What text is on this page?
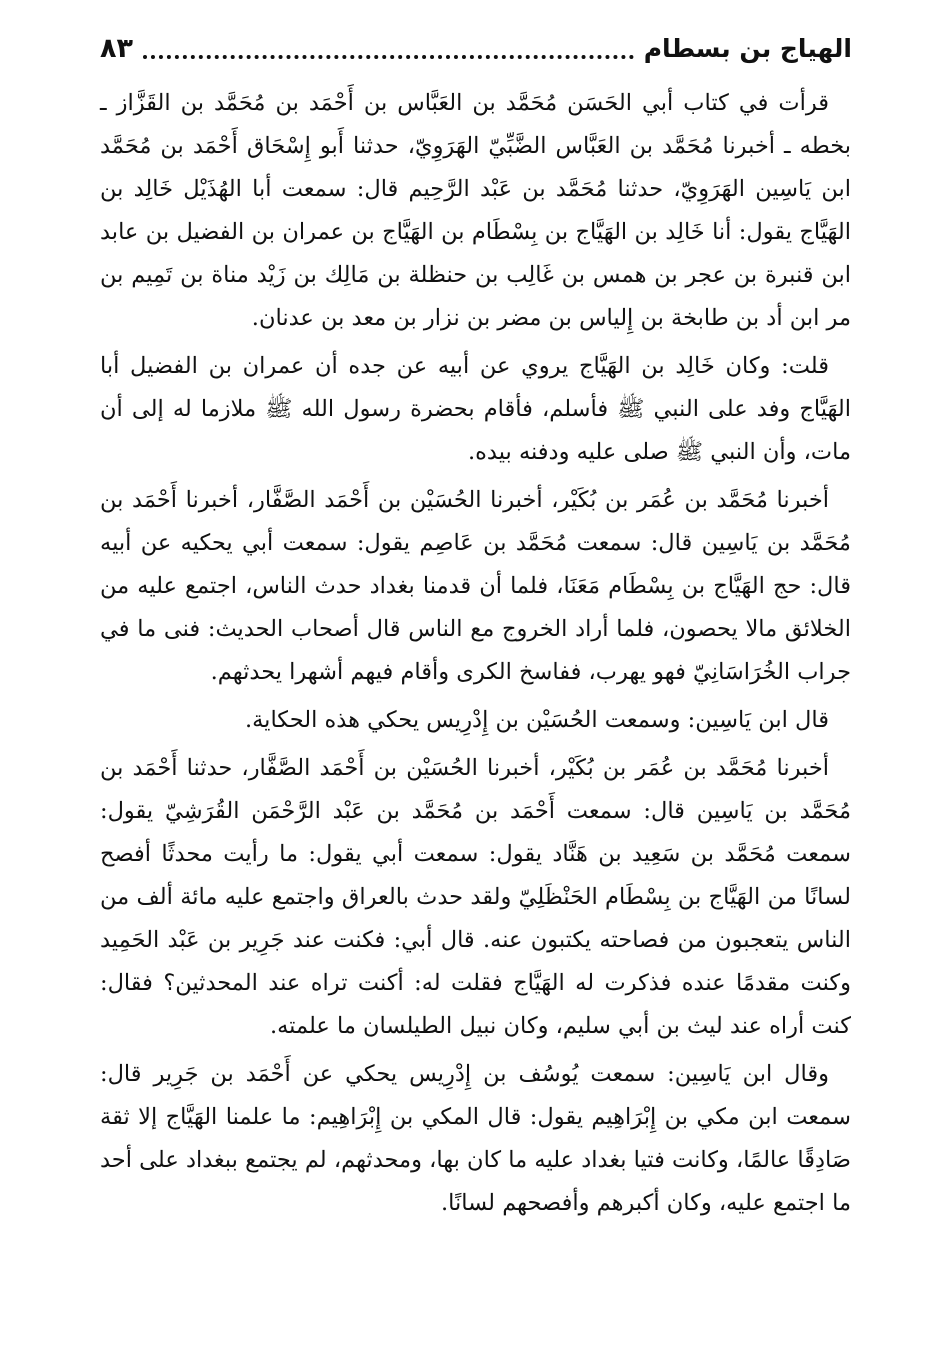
الهياج بن بسطام
٨٣

قرأت في كتاب أبي الحَسَن مُحَمَّد بن العَبَّاس بن أَحْمَد بن مُحَمَّد بن القَزَّاز ـ بخطه ـ أخبرنا مُحَمَّد بن العَبَّاس الضَّبِّيّ الهَرَوِيّ، حدثنا أَبو إِسْحَاق أَحْمَد بن مُحَمَّد ابن يَاسِين الهَرَوِيّ، حدثنا مُحَمَّد بن عَبْد الرَّحِيم قال: سمعت أبا الهُذَيْل خَالِد بن الهَيَّاج يقول: أنا خَالِد بن الهَيَّاج بن بِسْطَام بن الهَيَّاج بن عمران بن الفضيل بن عابد ابن قنبرة بن عجر بن همس بن غَالِب بن حنظلة بن مَالِك بن زَيْد مناة بن تَمِيم بن مر ابن أد بن طابخة بن إِلياس بن مضر بن نزار بن معد بن عدنان.

قلت: وكان خَالِد بن الهَيَّاج يروي عن أبيه عن جده أن عمران بن الفضيل أبا الهَيَّاج وفد على النبي ﷺ فأسلم، فأقام بحضرة رسول الله ﷺ ملازما له إلى أن مات، وأن النبي ﷺ صلى عليه ودفنه بيده.

أخبرنا مُحَمَّد بن عُمَر بن بُكَيْر، أخبرنا الحُسَيْن بن أَحْمَد الصَّفَّار، أخبرنا أَحْمَد بن مُحَمَّد بن يَاسِين قال: سمعت مُحَمَّد بن عَاصِم يقول: سمعت أبي يحكيه عن أبيه قال: حج الهَيَّاج بن بِسْطَام مَعَنَا، فلما أن قدمنا بغداد حدث الناس، اجتمع عليه من الخلائق مالا يحصون، فلما أراد الخروج مع الناس قال أصحاب الحديث: فنى ما في جراب الخُرَاسَانِيّ فهو يهرب، ففاسخ الكرى وأقام فيهم أشهرا يحدثهم.

قال ابن يَاسِين: وسمعت الحُسَيْن بن إِدْرِيس يحكي هذه الحكاية.

أخبرنا مُحَمَّد بن عُمَر بن بُكَيْر، أخبرنا الحُسَيْن بن أَحْمَد الصَّفَّار، حدثنا أَحْمَد بن مُحَمَّد بن يَاسِين قال: سمعت أَحْمَد بن مُحَمَّد بن عَبْد الرَّحْمَن القُرَشِيّ يقول: سمعت مُحَمَّد بن سَعِيد بن هَنَّاد يقول: سمعت أبي يقول: ما رأيت محدثًا أفصح لسانًا من الهَيَّاج بن بِسْطَام الحَنْظَلِيّ ولقد حدث بالعراق واجتمع عليه مائة ألف من الناس يتعجبون من فصاحته يكتبون عنه. قال أبي: فكنت عند جَرِير بن عَبْد الحَمِيد وكنت مقدمًا عنده فذكرت له الهَيَّاج فقلت له: أكنت تراه عند المحدثين؟ فقال: كنت أراه عند ليث بن أبي سليم، وكان نبيل الطيلسان ما علمته.

وقال ابن يَاسِين: سمعت يُوسُف بن إِدْرِيس يحكي عن أَحْمَد بن جَرِير قال: سمعت ابن مكي بن إِبْرَاهِيم يقول: قال المكي بن إِبْرَاهِيم: ما علمنا الهَيَّاج إلا ثقة صَادِقًا عالمًا، وكانت فتيا بغداد عليه ما كان بها، ومحدثهم، لم يجتمع ببغداد على أحد ما اجتمع عليه، وكان أكبرهم وأفصحهم لسانًا.
